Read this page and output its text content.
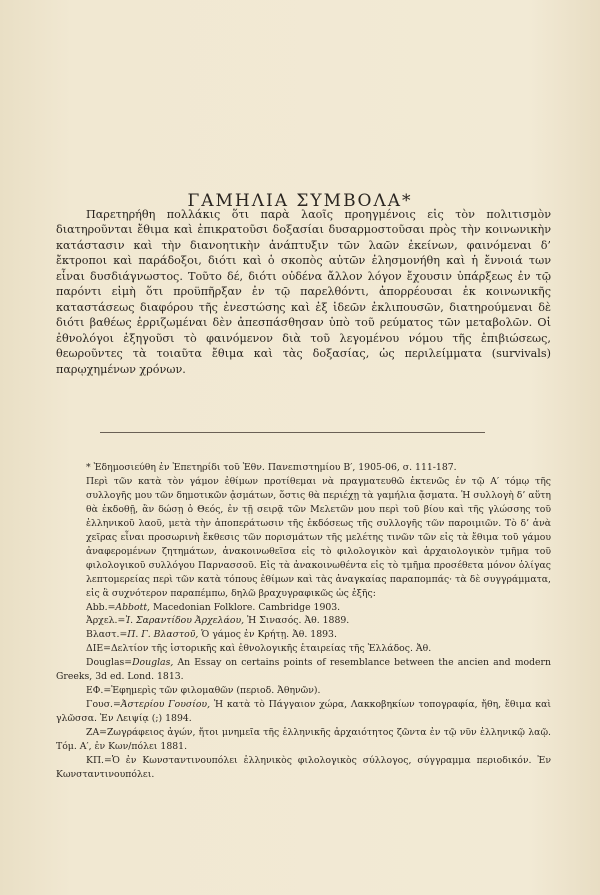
ΓΑΜΗΛΙΑ ΣΥΜΒΟΛΑ*

Παρετηρήθη πολλάκις ὅτι παρὰ λαοῖς προηγμένοις εἰς τὸν πολιτισμὸν διατηροῦνται ἔθιμα καὶ ἐπικρατοῦσι δοξασίαι δυσαρμοστοῦσαι πρὸς τὴν κοινωνικὴν κατάστασιν καὶ τὴν διανοητικὴν ἀνάπτυξιν τῶν λαῶν ἐκείνων, φαινόμεναι δ’ ἔκτροποι καὶ παράδοξοι, διότι καὶ ὁ σκοπὸς αὐτῶν ἐλησμονήθη καὶ ἡ ἔννοιά των εἶναι δυσδιάγνωστος. Τοῦτο δέ, διότι οὐδένα ἄλλον λόγον ἔχουσιν ὑπάρξεως ἐν τῷ παρόντι εἰμὴ ὅτι προϋπῆρξαν ἐν τῷ παρελθόντι, ἀπορρέουσαι ἐκ κοινωνικῆς καταστάσεως διαφόρου τῆς ἐνεστώσης καὶ ἐξ ἰδεῶν ἐκλιπουσῶν, διατηρούμεναι δὲ διότι βαθέως ἐρριζωμέναι δὲν ἀπεσπάσθησαν ὑπὸ τοῦ ρεύματος τῶν μεταβολῶν. Οἱ ἐθνολόγοι ἐξηγοῦσι τὸ φαινόμενον διὰ τοῦ λεγομένου νόμου τῆς ἐπιβιώσεως, θεωροῦντες τὰ τοιαῦτα ἔθιμα καὶ τὰς δοξασίας, ὡς περιλείμματα (survivals) παρῳχημένων χρόνων.

* Ἐδημοσιεύθη ἐν Ἐπετηρίδι τοῦ Ἐθν. Πανεπιστημίου Β′, 1905-06, σ. 111-187.
Περὶ τῶν κατὰ τὸν γάμον ἐθίμων προτίθεμαι νὰ πραγματευθῶ ἐκτενῶς ἐν τῷ Α′ τόμῳ τῆς συλλογῆς μου τῶν δημοτικῶν ᾀσμάτων, ὅστις θὰ περιέχῃ τὰ γαμήλια ᾄσματα. Ἡ συλλογὴ δ’ αὕτη θὰ ἐκδοθῇ, ἂν δώσῃ ὁ Θεός, ἐν τῇ σειρᾷ τῶν Μελετῶν μου περὶ τοῦ βίου καὶ τῆς γλώσσης τοῦ ἑλληνικοῦ λαοῦ, μετὰ τὴν ἀποπεράτωσιν τῆς ἐκδόσεως τῆς συλλογῆς τῶν παροιμιῶν. Τὸ δ’ ἀνὰ χεῖρας εἶναι προσωρινὴ ἔκθεσις τῶν πορισμάτων τῆς μελέτης τινῶν τῶν εἰς τὰ ἔθιμα τοῦ γάμου ἀναφερομένων ζητημάτων, ἀνακοινωθεῖσα εἰς τὸ φιλολογικὸν καὶ ἀρχαιολογικὸν τμῆμα τοῦ φιλολογικοῦ συλλόγου Παρνασσοῦ. Εἰς τὰ ἀνακοινωθέντα εἰς τὸ τμῆμα προσέθετα μόνον ὀλίγας λεπτομερείας περὶ τῶν κατὰ τόπους ἐθίμων καὶ τὰς ἀναγκαίας παραπομπάς· τὰ δὲ συγγράμματα, εἰς ἃ συχνότερον παραπέμπω, δηλῶ βραχυγραφικῶς ὡς ἑξῆς:
Abb.=Abbott, Macedonian Folklore. Cambridge 1903.
Ἀρχελ.=Ἰ. Σαραντίδου Ἀρχελάου, Ἡ Σινασός. Ἀθ. 1889.
Βλαστ.=Π. Γ. Βλαστοῦ, Ὁ γάμος ἐν Κρήτῃ. Ἀθ. 1893.
ΔΙΕ=Δελτίον τῆς ἱστορικῆς καὶ ἐθνολογικῆς ἑταιρείας τῆς Ἑλλάδος. Ἀθ.
Douglas=Douglas, An Essay on certains points of resemblance between the ancien and modern Greeks, 3d ed. Lond. 1813.
ΕΦ.=Ἐφημερὶς τῶν φιλομαθῶν (περιοδ. Ἀθηνῶν).
Γουσ.=Ἀστερίου Γουσίου, Ἡ κατὰ τὸ Πάγγαιον χώρα, Λακκοβηκίων τοπογραφία, ἤθη, ἔθιμα καὶ γλῶσσα. Ἐν Λειψίᾳ (;) 1894.
ΖΑ=Ζωγράφειος ἀγών, ἤτοι μνημεῖα τῆς ἑλληνικῆς ἀρχαιότητος ζῶντα ἐν τῷ νῦν ἑλληνικῷ λαῷ. Τόμ. Α′, ἐν Κων/πόλει 1881.
ΚΠ.=Ὁ ἐν Κωνσταντινουπόλει ἑλληνικὸς φιλολογικὸς σύλλογος, σύγγραμμα περιοδικόν. Ἐν Κωνσταντινουπόλει.
